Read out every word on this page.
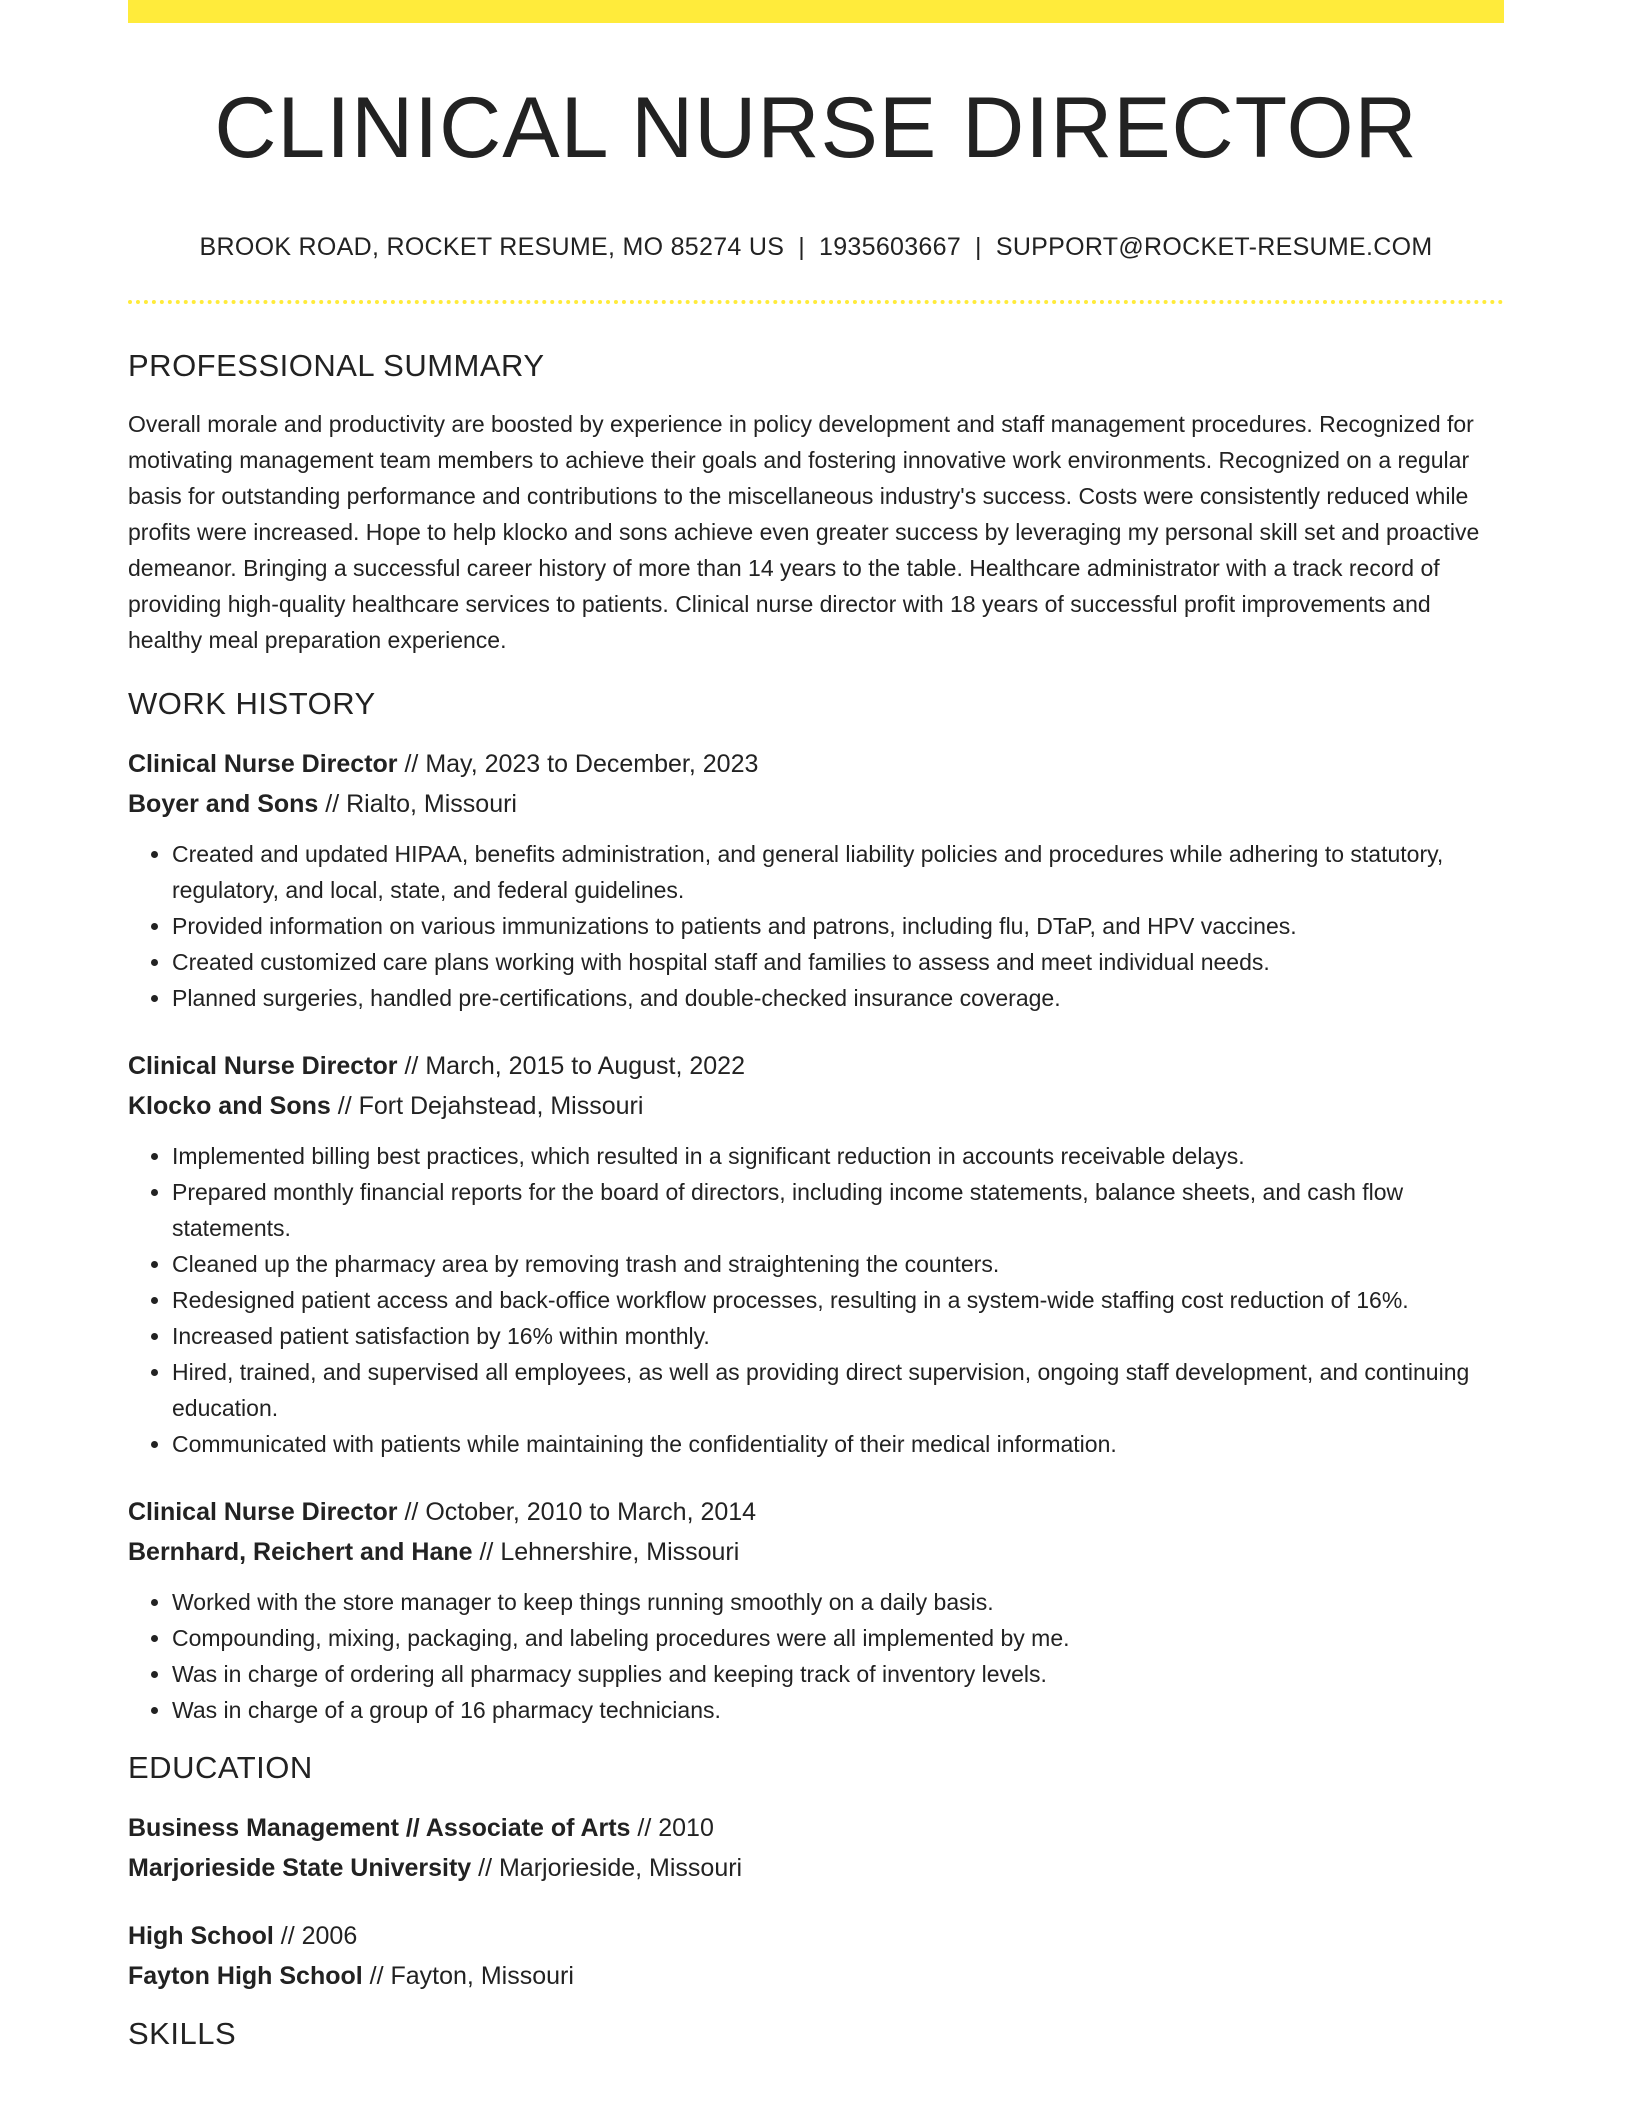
CLINICAL NURSE DIRECTOR
BROOK ROAD, ROCKET RESUME, MO 85274 US | 1935603667 | SUPPORT@ROCKET-RESUME.COM
PROFESSIONAL SUMMARY

Overall morale and productivity are boosted by experience in policy development and staff management procedures. Recognized for motivating management team members to achieve their goals and fostering innovative work environments. Recognized on a regular basis for outstanding performance and contributions to the miscellaneous industry's success. Costs were consistently reduced while profits were increased. Hope to help klocko and sons achieve even greater success by leveraging my personal skill set and proactive demeanor. Bringing a successful career history of more than 14 years to the table. Healthcare administrator with a track record of providing high-quality healthcare services to patients. Clinical nurse director with 18 years of successful profit improvements and healthy meal preparation experience.

WORK HISTORY
Clinical Nurse Director // May, 2023 to December, 2023
Boyer and Sons // Rialto, Missouri
• Created and updated HIPAA, benefits administration, and general liability policies and procedures while adhering to statutory, regulatory, and local, state, and federal guidelines.
• Provided information on various immunizations to patients and patrons, including flu, DTaP, and HPV vaccines.
• Created customized care plans working with hospital staff and families to assess and meet individual needs.
• Planned surgeries, handled pre-certifications, and double-checked insurance coverage.
Clinical Nurse Director // March, 2015 to August, 2022
Klocko and Sons // Fort Dejahstead, Missouri
• Implemented billing best practices, which resulted in a significant reduction in accounts receivable delays.
• Prepared monthly financial reports for the board of directors, including income statements, balance sheets, and cash flow statements.
• Cleaned up the pharmacy area by removing trash and straightening the counters.
• Redesigned patient access and back-office workflow processes, resulting in a system-wide staffing cost reduction of 16%.
• Increased patient satisfaction by 16% within monthly.
• Hired, trained, and supervised all employees, as well as providing direct supervision, ongoing staff development, and continuing education.
• Communicated with patients while maintaining the confidentiality of their medical information.
Clinical Nurse Director // October, 2010 to March, 2014
Bernhard, Reichert and Hane // Lehnershire, Missouri
• Worked with the store manager to keep things running smoothly on a daily basis.
• Compounding, mixing, packaging, and labeling procedures were all implemented by me.
• Was in charge of ordering all pharmacy supplies and keeping track of inventory levels.
• Was in charge of a group of 16 pharmacy technicians.
EDUCATION
Business Management // Associate of Arts // 2010
Marjorieside State University // Marjorieside, Missouri
High School // 2006
Fayton High School // Fayton, Missouri
SKILLS
